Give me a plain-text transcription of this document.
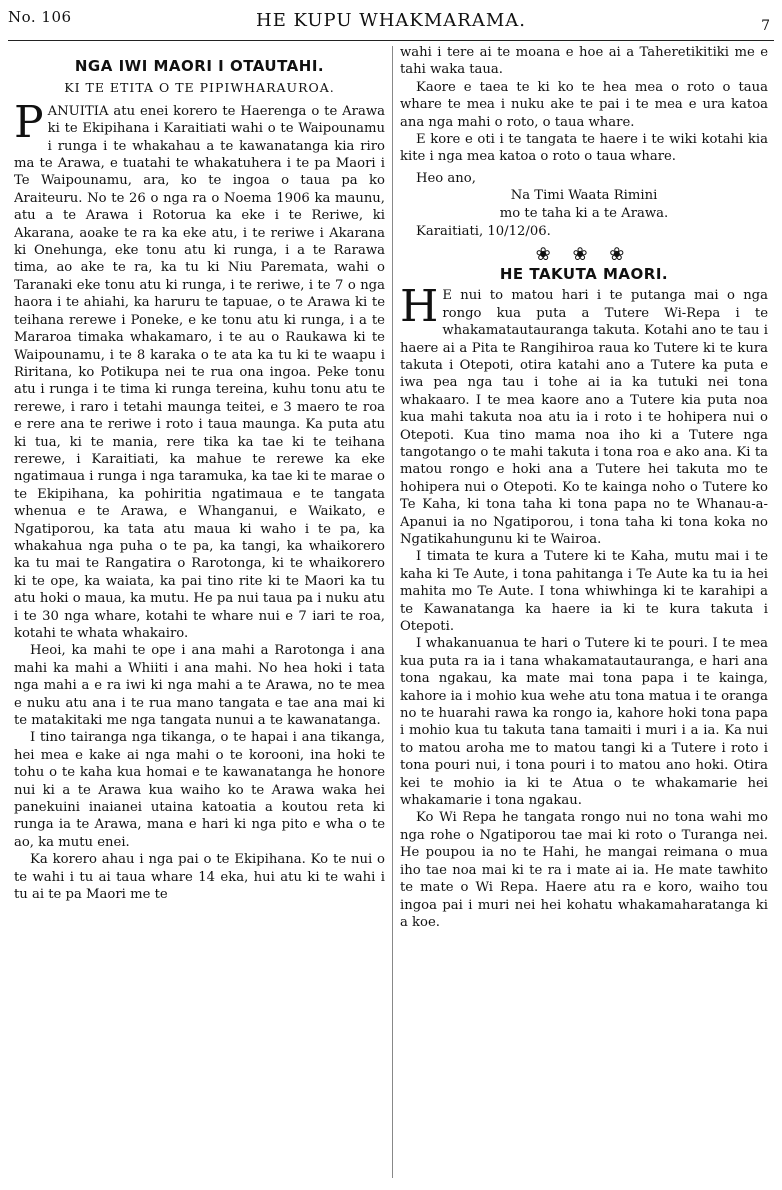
No. 106	HE KUPU WHAKMARAMA.	7
NGA IWI MAORI I OTAUTAHI.
KI TE ETITA O TE PIPIWHARAUROA.

PANUITIA atu enei korero te Haerenga o te Arawa ki te Ekipihana i Karaitiati wahi o te Waipounamu i runga i te whakahau a te kawanatanga kia riro ma te Arawa, e tuatahi te whakatuhera i te pa Maori i Te Waipounamu, ara, ko te ingoa o taua pa ko Araiteuru. No te 26 o nga ra o Noema 1906 ka maunu, atu a te Arawa i Rotorua ka eke i te Reriwe, ki Akarana, aoake te ra ka eke atu, i te reriwe i Akarana ki Onehunga, eke tonu atu ki runga, i a te Rarawa tima, ao ake te ra, ka tu ki Niu Paremata, wahi o Taranaki eke tonu atu ki runga, i te reriwe, i te 7 o nga haora i te ahiahi, ka haruru te tapuae, o te Arawa ki te teihana rerewe i Poneke, e ke tonu atu ki runga, i a te Mararoa timaka whakamaro, i te au o Raukawa ki te Waipounamu, i te 8 karaka o te ata ka tu ki te waapu i Riritana, ko Potikupa nei te rua ona ingoa. Peke tonu atu i runga i te tima ki runga tereina, kuhu tonu atu te rerewe, i raro i tetahi maunga teitei, e 3 maero te roa e rere ana te reriwe i roto i taua maunga. Ka puta atu ki tua, ki te mania, rere tika ka tae ki te teihana rerewe, i Karaitiati, ka mahue te rerewe ka eke ngatimaua i runga i nga taramuka, ka tae ki te marae o te Ekipihana, ka pohiritia ngatimaua e te tangata whenua e te Arawa, e Whanganui, e Waikato, e Ngatiporou, ka tata atu maua ki waho i te pa, ka whakahua nga puha o te pa, ka tangi, ka whaikorero ka tu mai te Rangatira o Rarotonga, ki te whaikorero ki te ope, ka waiata, ka pai tino rite ki te Maori ka tu atu hoki o maua, ka mutu. He pa nui taua pa i nuku atu i te 30 nga whare, kotahi te whare nui e 7 iari te roa, kotahi te whata whakairo.

Heoi, ka mahi te ope i ana mahi a Rarotonga i ana mahi ka mahi a Whiiti i ana mahi. No hea hoki i tata nga mahi a e ra iwi ki nga mahi a te Arawa, no te mea e nuku atu ana i te rua mano tangata e tae ana mai ki te matakitaki me nga tangata nunui a te kawanatanga.

I tino tairanga nga tikanga, o te hapai i ana tikanga, hei mea e kake ai nga mahi o te korooni, ina hoki te tohu o te kaha kua homai e te kawanatanga he honore nui ki a te Arawa kua waiho ko te Arawa waka hei panekuini inaianei utaina katoatia a koutou reta ki runga ia te Arawa, mana e hari ki nga pito e wha o te ao, ka mutu enei.

Ka korero ahau i nga pai o te Ekipihana. Ko te nui o te wahi i tu ai taua whare 14 eka, hui atu ki te wahi i tu ai te pa Maori me te

wahi i tere ai te moana e hoe ai a Taheretikitiki me e tahi waka taua.

Kaore e taea te ki ko te hea mea o roto o taua whare te mea i nuku ake te pai i te mea e ura katoa ana nga mahi o roto, o taua whare.

E kore e oti i te tangata te haere i te wiki kotahi kia kite i nga mea katoa o roto o taua whare.

Heo ano,
Na Timi Waata Rimini
mo te taha ki a te Arawa.
Karaitiati, 10/12/06.
❀ ❀ ❀
HE TAKUTA MAORI.

H E nui to matou hari i te putanga mai o nga rongo kua puta a Tutere Wi-Repa i te whakamatautauranga takuta. Kotahi ano te tau i haere ai a Pita te Rangihiroa raua ko Tutere ki te kura takuta i Otepoti, otira katahi ano a Tutere ka puta e iwa pea nga tau i tohe ai ia ka tutuki nei tona whakaaro. I te mea kaore ano a Tutere kia puta noa kua mahi takuta noa atu ia i roto i te hohipera nui o Otepoti. Kua tino mama noa iho ki a Tutere nga tangotango o te mahi takuta i tona roa e ako ana. Ki ta matou rongo e hoki ana a Tutere hei takuta mo te hohipera nui o Otepoti. Ko te kainga noho o Tutere ko Te Kaha, ki tona taha ki tona papa no te Whanau-a-Apanui ia no Ngatiporou, i tona taha ki tona koka no Ngatikahungunu ki te Wairoa.

I timata te kura a Tutere ki te Kaha, mutu mai i te kaha ki Te Aute, i tona pahitanga i Te Aute ka tu ia hei mahita mo Te Aute. I tona whiwhinga ki te karahipi a te Kawanatanga ka haere ia ki te kura takuta i Otepoti.

I whakanuanua te hari o Tutere ki te pouri. I te mea kua puta ra ia i tana whakamatautauranga, e hari ana tona ngakau, ka mate mai tona papa i te kainga, kahore ia i mohio kua wehe atu tona matua i te oranga no te huarahi rawa ka rongo ia, kahore hoki tona papa i mohio kua tu takuta tana tamaiti i muri i a ia. Ka nui to matou aroha me to matou tangi ki a Tutere i roto i tona pouri nui, i tona pouri i to matou ano hoki. Otira kei te mohio ia ki te Atua o te whakamarie hei whakamarie i tona ngakau.

Ko Wi Repa he tangata rongo nui no tona wahi mo nga rohe o Ngatiporou tae mai ki roto o Turanga nei. He poupou ia no te Hahi, he mangai reimana o mua iho tae noa mai ki te ra i mate ai ia. He mate tawhito te mate o Wi Repa. Haere atu ra e koro, waiho tou ingoa pai i muri nei hei kohatu whakamaharatanga ki a koe.
